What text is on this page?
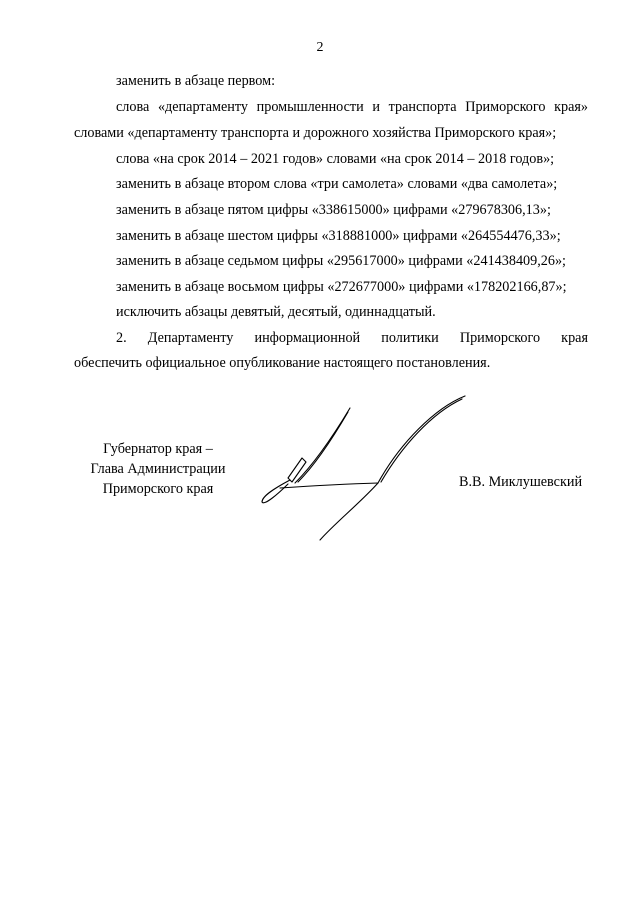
2
заменить в абзаце первом:
слова «департаменту промышленности и транспорта Приморского края»
словами «департаменту транспорта и дорожного хозяйства Приморского края»;
слова «на срок 2014 – 2021 годов» словами «на срок 2014 – 2018 годов»;
заменить в абзаце втором слова «три самолета» словами «два самолета»;
заменить в абзаце пятом цифры «338615000» цифрами «279678306,13»;
заменить в абзаце шестом цифры «318881000» цифрами «264554476,33»;
заменить в абзаце седьмом цифры «295617000» цифрами «241438409,26»;
заменить в абзаце восьмом цифры «272677000» цифрами «178202166,87»;
исключить абзацы девятый, десятый, одиннадцатый.
2. Департаменту информационной политики Приморского края
обеспечить официальное опубликование настоящего постановления.
Губернатор края –
Глава Администрации
Приморского края	В.В. Миклушевский
